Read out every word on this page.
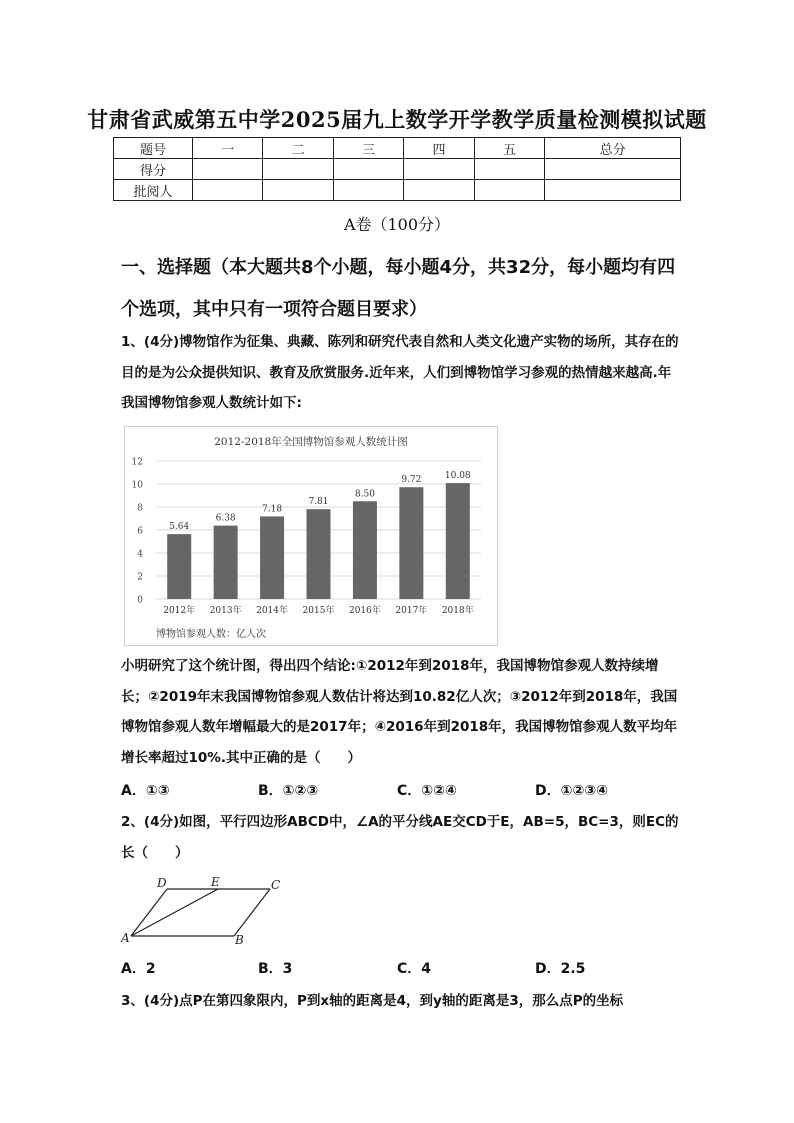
甘肃省武威第五中学2025届九上数学开学教学质量检测模拟试题
题号	一	二	三	四	五	总分
得分						
批阅人						
A卷（100分）
一、选择题（本大题共8个小题，每小题4分，共32分，每小题均有四个选项，其中只有一项符合题目要求）
1、(4分)博物馆作为征集、典藏、陈列和研究代表自然和人类文化遗产实物的场所，其存在的目的是为公众提供知识、教育及欣赏服务.近年来，人们到博物馆学习参观的热情越来越高.年我国博物馆参观人数统计如下:
2012-2018年全国博物馆参观人数统计图
0
2
4
6
8
10
12
5.64
2012年
6.38
2013年
7.18
2014年
7.81
2015年
8.50
2016年
9.72
2017年
10.08
2018年
博物馆参观人数：亿人次
小明研究了这个统计图，得出四个结论:①2012年到2018年，我国博物馆参观人数持续增长；②2019年末我国博物馆参观人数估计将达到10.82亿人次；③2012年到2018年，我国博物馆参观人数年增幅最大的是2017年；④2016年到2018年，我国博物馆参观人数平均年增长率超过10%.其中正确的是（　　）
A．①③	B．①②③	C．①②④	D．①②③④
2、(4分)如图，平行四边形ABCD中，∠A的平分线AE交CD于E，AB=5，BC=3，则EC的长（　　）
A	B
C
D	E
A．2	B．3	C．4	D．2.5
3、(4分)点P在第四象限内，P到x轴的距离是4，到y轴的距离是3，那么点P的坐标
